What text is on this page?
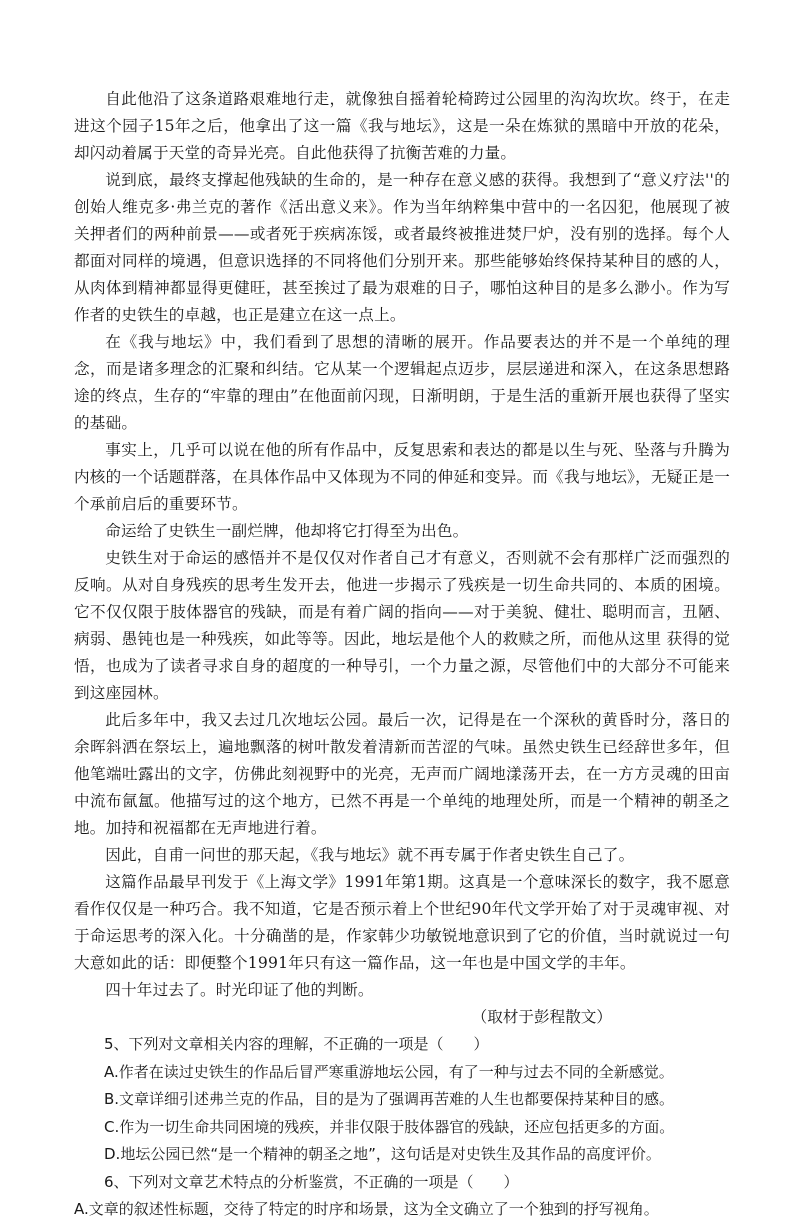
自此他沿了这条道路艰难地行走，就像独自摇着轮椅跨过公园里的沟沟坎坎。终于，在走进这个园子15年之后，他拿出了这一篇《我与地坛》，这是一朵在炼狱的黑暗中开放的花朵，却闪动着属于天堂的奇异光亮。自此他获得了抗衡苦难的力量。

说到底，最终支撑起他残缺的生命的，是一种存在意义感的获得。我想到了“意义疗法''的创始人维克多·弗兰克的著作《活出意义来》。作为当年纳粹集中营中的一名囚犯，他展现了被关押者们的两种前景——或者死于疾病冻馁，或者最终被推进焚尸炉，没有别的选择。每个人都面对同样的境遇，但意识选择的不同将他们分别开来。那些能够始终保持某种目的感的人，从肉体到精神都显得更健旺，甚至挨过了最为艰难的日子，哪怕这种目的是多么渺小。作为写作者的史铁生的卓越，也正是建立在这一点上。

在《我与地坛》中，我们看到了思想的清晰的展开。作品要表达的并不是一个单纯的理念，而是诸多理念的汇聚和纠结。它从某一个逻辑起点迈步，层层递进和深入，在这条思想路途的终点，生存的“牢靠的理由”在他面前闪现，日渐明朗，于是生活的重新开展也获得了坚实的基础。

事实上，几乎可以说在他的所有作品中，反复思索和表达的都是以生与死、坠落与升腾为内核的一个话题群落，在具体作品中又体现为不同的伸延和变异。而《我与地坛》，无疑正是一个承前启后的重要环节。

命运给了史铁生一副烂牌，他却将它打得至为出色。

史铁生对于命运的感悟并不是仅仅对作者自己才有意义，否则就不会有那样广泛而强烈的反响。从对自身残疾的思考生发开去，他进一步揭示了残疾是一切生命共同的、本质的困境。它不仅仅限于肢体器官的残缺，而是有着广阔的指向——对于美貌、健壮、聪明而言，丑陋、病弱、愚钝也是一种残疾，如此等等。因此，地坛是他个人的救赎之所，而他从这里 获得的觉悟，也成为了读者寻求自身的超度的一种导引，一个力量之源，尽管他们中的大部分不可能来到这座园林。

此后多年中，我又去过几次地坛公园。最后一次，记得是在一个深秋的黄昏时分，落日的余晖斜洒在祭坛上，遍地飘落的树叶散发着清新而苦涩的气味。虽然史铁生已经辞世多年，但他笔端吐露出的文字，仿佛此刻视野中的光亮，无声而广阔地漾荡开去，在一方方灵魂的田亩中流布氤氲。他描写过的这个地方，已然不再是一个单纯的地理处所，而是一个精神的朝圣之地。加持和祝福都在无声地进行着。

因此，自甫一问世的那天起，《我与地坛》就不再专属于作者史铁生自己了。

这篇作品最早刊发于《上海文学》1991年第1期。这真是一个意味深长的数字，我不愿意看作仅仅是一种巧合。我不知道，它是否预示着上个世纪90年代文学开始了对于灵魂审视、对于命运思考的深入化。十分确凿的是，作家韩少功敏锐地意识到了它的价值，当时就说过一句大意如此的话：即便整个1991年只有这一篇作品，这一年也是中国文学的丰年。

四十年过去了。时光印证了他的判断。

（取材于彭程散文）

5、下列对文章相关内容的理解，不正确的一项是（　　）

A.作者在读过史铁生的作品后冒严寒重游地坛公园，有了一种与过去不同的全新感觉。

B.文章详细引述弗兰克的作品，目的是为了强调再苦难的人生也都要保持某种目的感。

C.作为一切生命共同困境的残疾，并非仅限于肢体器官的残缺，还应包括更多的方面。

D.地坛公园已然“是一个精神的朝圣之地”，这句话是对史铁生及其作品的高度评价。

6、下列对文章艺术特点的分析鉴赏，不正确的一项是（　　）

A.文章的叙述性标题，交待了特定的时序和场景，这为全文确立了一个独到的抒写视角。
